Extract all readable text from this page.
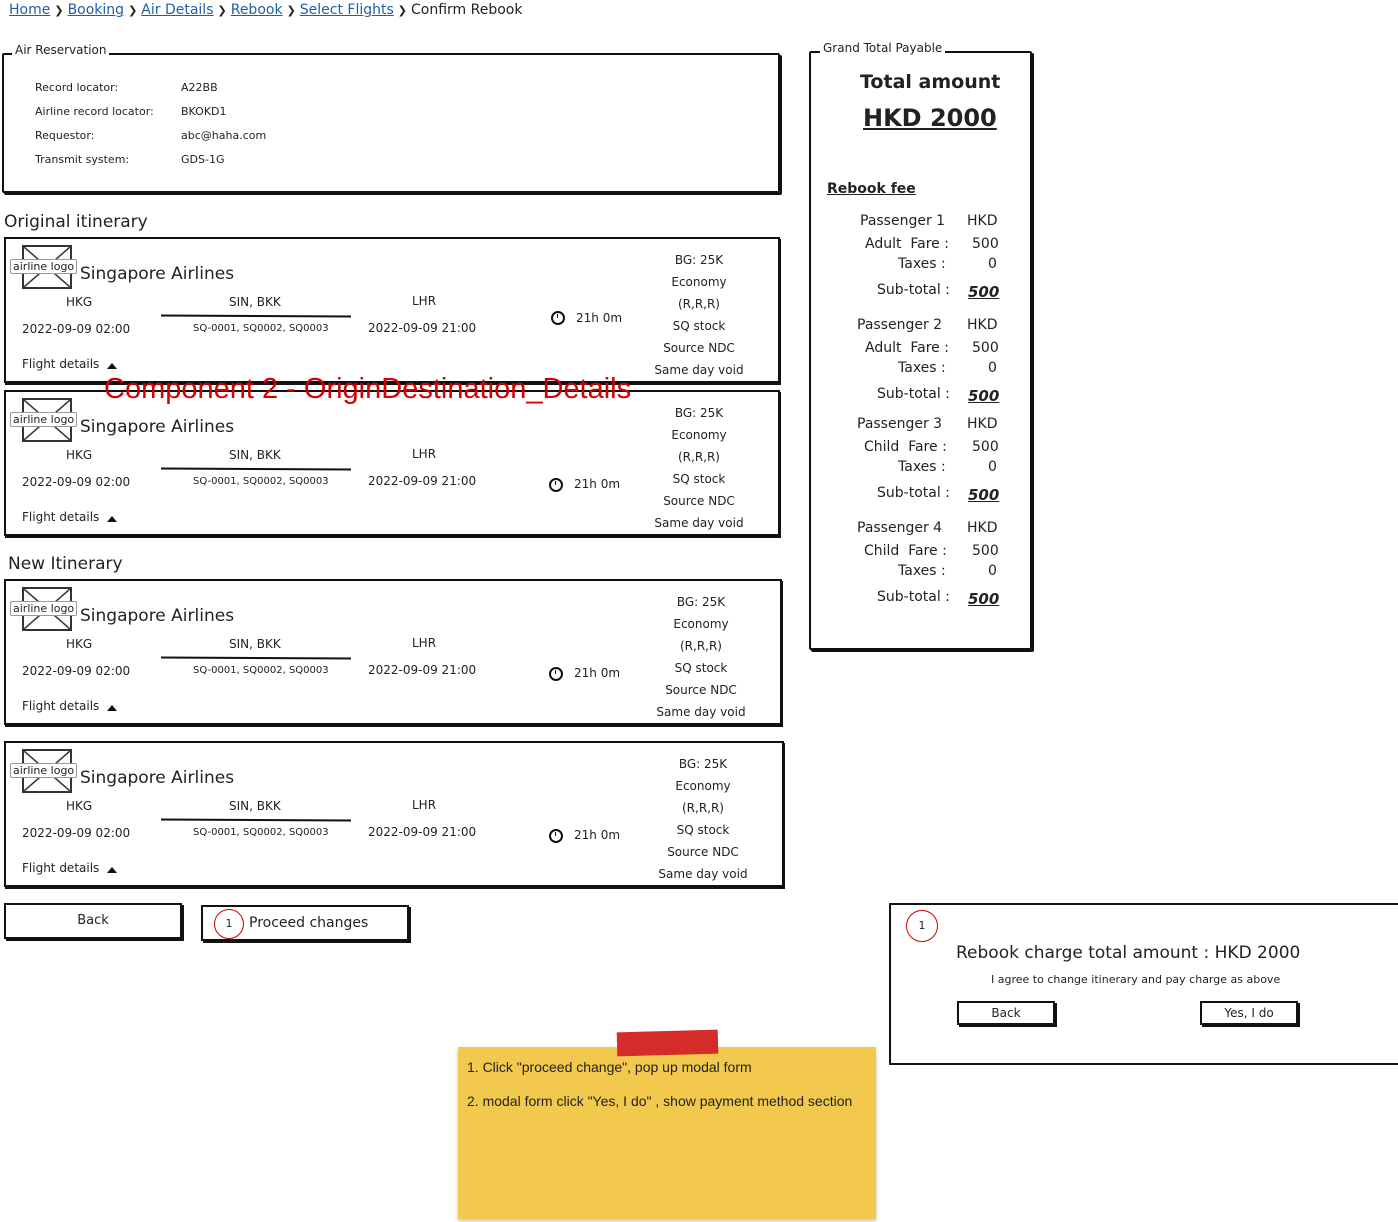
Home ❯ Booking ❯ Air Details ❯ Rebook ❯ Select Flights ❯ Confirm Rebook
Air Reservation
Record locator:	A22BB
Airline record locator: BKOKD1
Requestor:	abc@haha.com
Transmit system:	GDS-1G
Original itinerary
New Itinerary
airline logo Singapore Airlines
HKG	SIN, BKK	LHR
2022-09-09 02:00	SQ-0001, SQ0002, SQ0003	2022-09-09 21:00
21h 0m
Flight details
BG: 25K
Economy
(R,R,R)
SQ stock
Source NDC
Same day void
airline logo Singapore Airlines
HKG	SIN, BKK	LHR
2022-09-09 02:00	SQ-0001, SQ0002, SQ0003	2022-09-09 21:00	21h 0m
Flight details
BG: 25K
Economy
(R,R,R)
SQ stock
Source NDC
Same day void
Component 2 - OriginDestination_Details
airline logo Singapore Airlines
HKG	SIN, BKK	LHR
2022-09-09 02:00	SQ-0001, SQ0002, SQ0003	2022-09-09 21:00	21h 0m
Flight details
BG: 25K
Economy
(R,R,R)
SQ stock
Source NDC
Same day void
airline logo Singapore Airlines
HKG	SIN, BKK	LHR
2022-09-09 02:00	SQ-0001, SQ0002, SQ0003	2022-09-09 21:00	21h 0m
Flight details
BG: 25K
Economy
(R,R,R)
SQ stock
Source NDC
Same day void
Back	1	Proceed changes
Grand Total Payable
Total amount
HKD 2000
Rebook fee
Passenger 1 HKD
Adult  Fare : 500
Taxes :	0
Sub-total : 500
Passenger 2 HKD
Adult  Fare : 500
Taxes :	0
Sub-total : 500
Passenger 3 HKD
Child  Fare : 500
Taxes :	0
Sub-total : 500
Passenger 4 HKD
Child  Fare : 500
Taxes :	0
Sub-total : 500
1
Rebook charge total amount : HKD 2000
I agree to change itinerary and pay charge as above
Back	Yes, I do
1. Click "proceed change", pop up modal form
2. modal form click "Yes, I do" , show payment method section
